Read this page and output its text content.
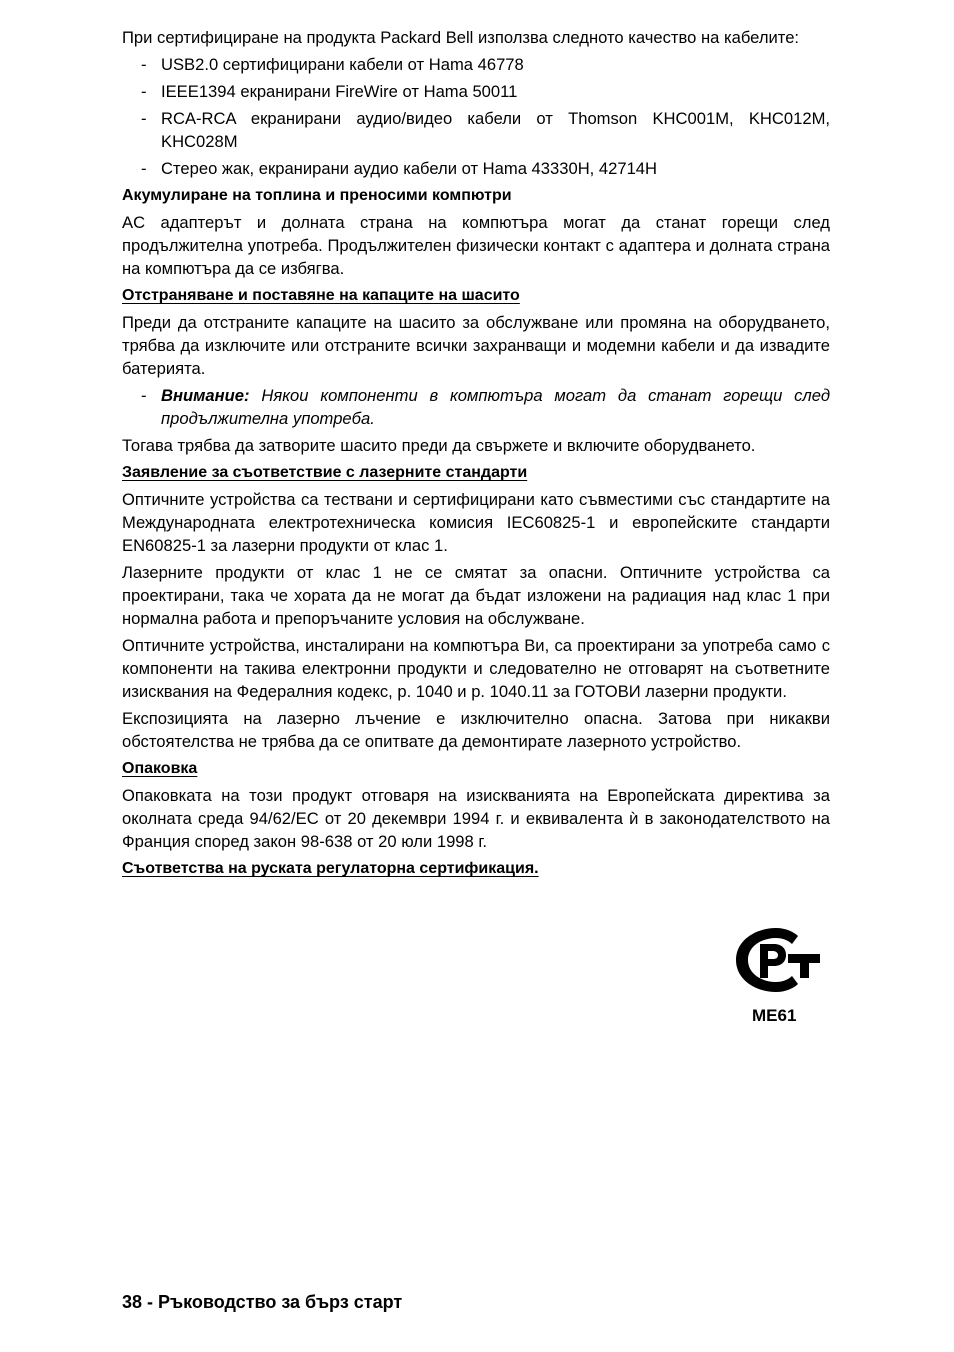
При сертифициране на продукта Packard Bell използва следното качество на кабелите:

- USB2.0 сертифицирани кабели от Hama 46778
- IEEE1394 екранирани FireWire от Hama 50011
- RCA-RCA екранирани аудио/видео кабели от Thomson KHC001M, KHC012M, KHC028M
- Стерео жак, екранирани аудио кабели от Hama 43330H, 42714H
Акумулиране на топлина и преносими компютри

AC адаптерът и долната страна на компютъра могат да станат горещи след продължителна употреба. Продължителен физически контакт с адаптера и долната страна на компютъра да се избягва.

Отстраняване и поставяне на капаците на шасито

Преди да отстраните капаците на шасито за обслужване или промяна на оборудването, трябва да изключите или отстраните всички захранващи и модемни кабели и да извадите батерията.

- Внимание: Някои компоненти в компютъра могат да станат горещи след продължителна употреба.

Тогава трябва да затворите шасито преди да свържете и включите оборудването.

Заявление за съответствие с лазерните стандарти

Оптичните устройства са тествани и сертифицирани като съвместими със стандартите на Международната електротехническа комисия IEC60825-1 и европейските стандарти EN60825-1 за лазерни продукти от клас 1.

Лазерните продукти от клас 1 не се смятат за опасни. Оптичните устройства са проектирани, така че хората да не могат да бъдат изложени на радиация над клас 1 при нормална работа и препоръчаните условия на обслужване.

Оптичните устройства, инсталирани на компютъра Ви, са проектирани за употреба само с компоненти на такива електронни продукти и следователно не отговарят на съответните изисквания на Федералния кодекс, р. 1040 и р. 1040.11 за ГОТОВИ лазерни продукти.

Експозицията на лазерно лъчение е изключително опасна. Затова при никакви обстоятелства не трябва да се опитвате да демонтирате лазерното устройство.

Опаковка

Опаковката на този продукт отговаря на изискванията на Европейската директива за околната среда 94/62/EC от 20 декември 1994 г. и еквивалента ѝ в законодателството на Франция според закон 98-638 от 20 юли 1998 г.

Съответства на руската регулаторна сертификация.
ME61
38 - Ръководство за бърз старт
